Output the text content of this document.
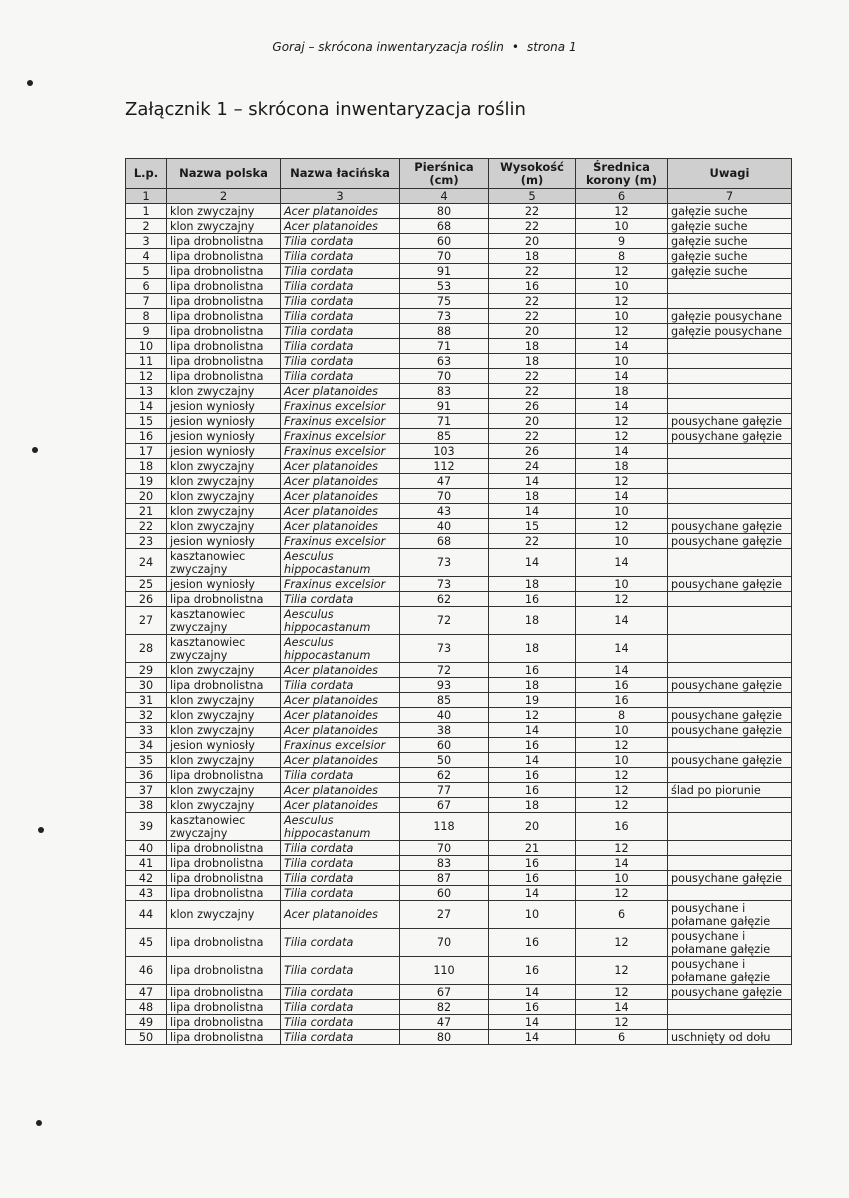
Goraj – skrócona inwentaryzacja roślin • strona 1
Załącznik 1 – skrócona inwentaryzacja roślin
L.p.	Nazwa polska	Nazwa łacińska	Pierśnica (cm)	Wysokość (m)	Średnica korony (m)	Uwagi
1	2	3	4	5	6	7
1	klon zwyczajny	Acer platanoides	80	22	12	gałęzie suche
2	klon zwyczajny	Acer platanoides	68	22	10	gałęzie suche
3	lipa drobnolistna	Tilia cordata	60	20	9	gałęzie suche
4	lipa drobnolistna	Tilia cordata	70	18	8	gałęzie suche
5	lipa drobnolistna	Tilia cordata	91	22	12	gałęzie suche
6	lipa drobnolistna	Tilia cordata	53	16	10	
7	lipa drobnolistna	Tilia cordata	75	22	12	
8	lipa drobnolistna	Tilia cordata	73	22	10	gałęzie pousychane
9	lipa drobnolistna	Tilia cordata	88	20	12	gałęzie pousychane
10	lipa drobnolistna	Tilia cordata	71	18	14	
11	lipa drobnolistna	Tilia cordata	63	18	10	
12	lipa drobnolistna	Tilia cordata	70	22	14	
13	klon zwyczajny	Acer platanoides	83	22	18	
14	jesion wyniosły	Fraxinus excelsior	91	26	14	
15	jesion wyniosły	Fraxinus excelsior	71	20	12	pousychane gałęzie
16	jesion wyniosły	Fraxinus excelsior	85	22	12	pousychane gałęzie
17	jesion wyniosły	Fraxinus excelsior	103	26	14	
18	klon zwyczajny	Acer platanoides	112	24	18	
19	klon zwyczajny	Acer platanoides	47	14	12	
20	klon zwyczajny	Acer platanoides	70	18	14	
21	klon zwyczajny	Acer platanoides	43	14	10	
22	klon zwyczajny	Acer platanoides	40	15	12	pousychane gałęzie
23	jesion wyniosły	Fraxinus excelsior	68	22	10	pousychane gałęzie
24	kasztanowiec zwyczajny	Aesculus hippocastanum	73	14	14	
25	jesion wyniosły	Fraxinus excelsior	73	18	10	pousychane gałęzie
26	lipa drobnolistna	Tilia cordata	62	16	12	
27	kasztanowiec zwyczajny	Aesculus hippocastanum	72	18	14	
28	kasztanowiec zwyczajny	Aesculus hippocastanum	73	18	14	
29	klon zwyczajny	Acer platanoides	72	16	14	
30	lipa drobnolistna	Tilia cordata	93	18	16	pousychane gałęzie
31	klon zwyczajny	Acer platanoides	85	19	16	
32	klon zwyczajny	Acer platanoides	40	12	8	pousychane gałęzie
33	klon zwyczajny	Acer platanoides	38	14	10	pousychane gałęzie
34	jesion wyniosły	Fraxinus excelsior	60	16	12	
35	klon zwyczajny	Acer platanoides	50	14	10	pousychane gałęzie
36	lipa drobnolistna	Tilia cordata	62	16	12	
37	klon zwyczajny	Acer platanoides	77	16	12	ślad po piorunie
38	klon zwyczajny	Acer platanoides	67	18	12	
39	kasztanowiec zwyczajny	Aesculus hippocastanum	118	20	16	
40	lipa drobnolistna	Tilia cordata	70	21	12	
41	lipa drobnolistna	Tilia cordata	83	16	14	
42	lipa drobnolistna	Tilia cordata	87	16	10	pousychane gałęzie
43	lipa drobnolistna	Tilia cordata	60	14	12	
44	klon zwyczajny	Acer platanoides	27	10	6	pousychane i połamane gałęzie
45	lipa drobnolistna	Tilia cordata	70	16	12	pousychane i połamane gałęzie
46	lipa drobnolistna	Tilia cordata	110	16	12	pousychane i połamane gałęzie
47	lipa drobnolistna	Tilia cordata	67	14	12	pousychane gałęzie
48	lipa drobnolistna	Tilia cordata	82	16	14	
49	lipa drobnolistna	Tilia cordata	47	14	12	
50	lipa drobnolistna	Tilia cordata	80	14	6	uschnięty od dołu
